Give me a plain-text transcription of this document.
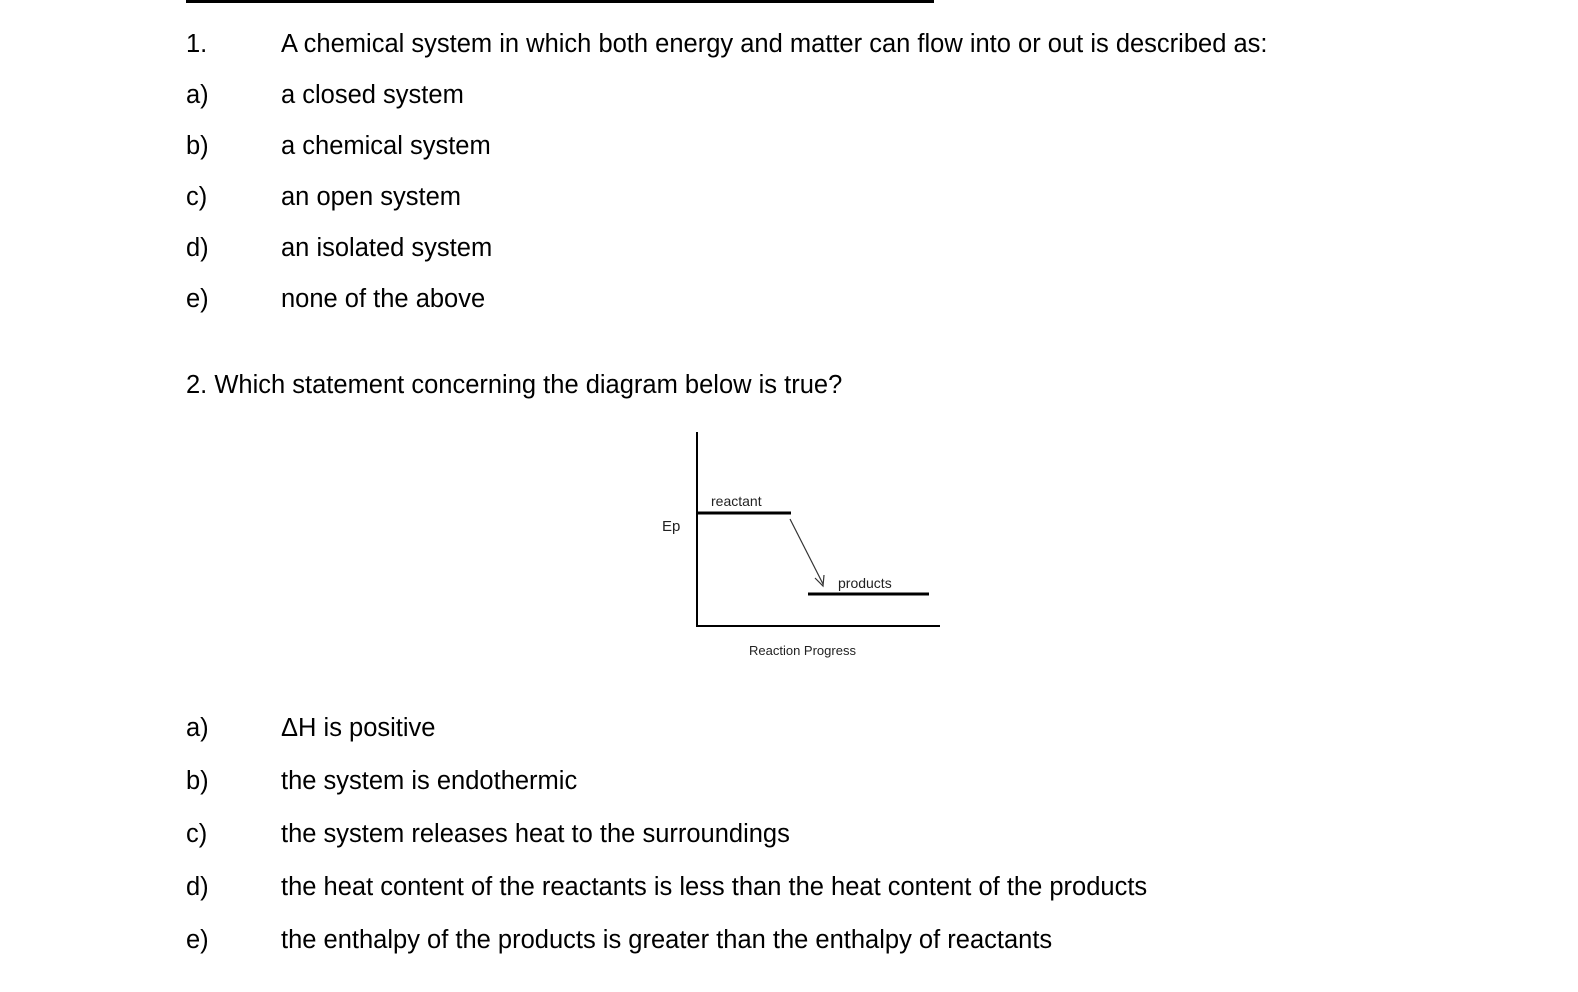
1.	A chemical system in which both energy and matter can flow into or out is described as:
a)	a closed system
b)	a chemical system
c)	an open system
d)	an isolated system
e)	none of the above
2. Which statement concerning the diagram below is true?
Ep
reactant
products
Reaction Progress
a)	ΔH is positive
b)	the system is endothermic
c)	the system releases heat to the surroundings
d)	the heat content of the reactants is less than the heat content of the products
e)	the enthalpy of the products is greater than the enthalpy of reactants
